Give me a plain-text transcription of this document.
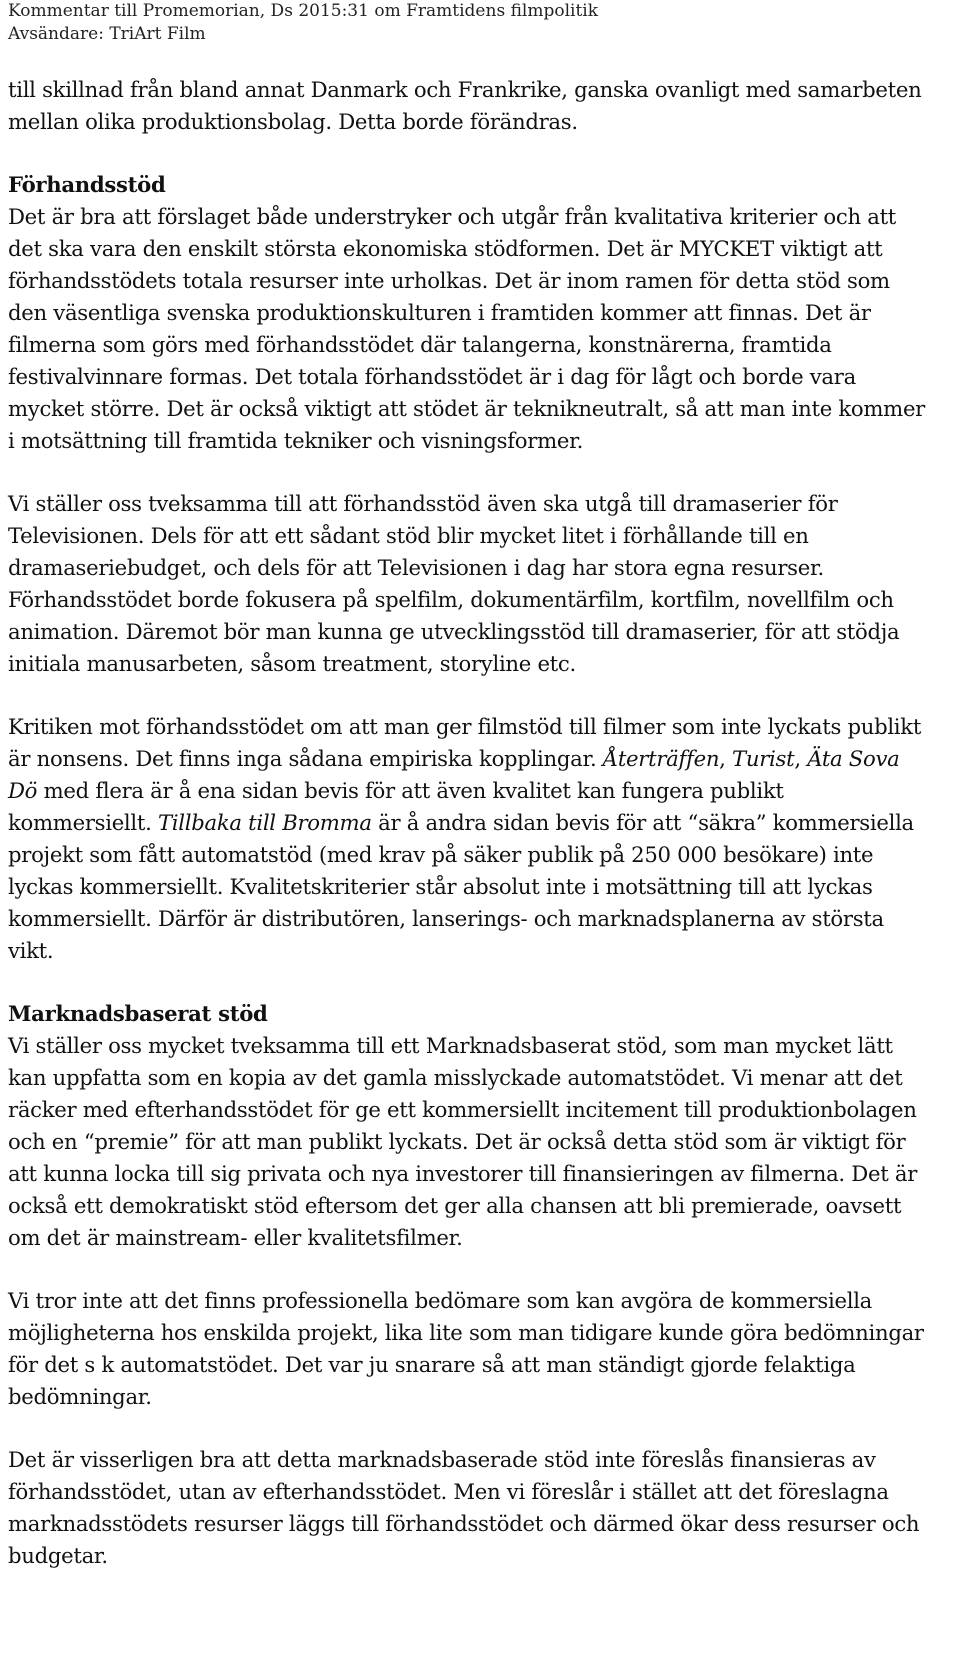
Kommentar till Promemorian, Ds 2015:31 om Framtidens filmpolitik
Avsändare: TriArt Film

till skillnad från bland annat Danmark och Frankrike, ganska ovanligt med samarbeten mellan olika produktionsbolag. Detta borde förändras.

Förhandsstöd
Det är bra att förslaget både understryker och utgår från kvalitativa kriterier och att det ska vara den enskilt största ekonomiska stödformen. Det är MYCKET viktigt att förhandsstödets totala resurser inte urholkas. Det är inom ramen för detta stöd som den väsentliga svenska produktionskulturen i framtiden kommer att finnas. Det är filmerna som görs med förhandsstödet där talangerna, konstnärerna, framtida festivalvinnare formas. Det totala förhandsstödet är i dag för lågt och borde vara mycket större. Det är också viktigt att stödet är teknikneutralt, så att man inte kommer i motsättning till framtida tekniker och visningsformer.

Vi ställer oss tveksamma till att förhandsstöd även ska utgå till dramaserier för Televisionen. Dels för att ett sådant stöd blir mycket litet i förhållande till en dramaseriebudget, och dels för att Televisionen i dag har stora egna resurser. Förhandsstödet borde fokusera på spelfilm, dokumentärfilm, kortfilm, novellfilm och animation. Däremot bör man kunna ge utvecklingsstöd till dramaserier, för att stödja initiala manusarbeten, såsom treatment, storyline etc.

Kritiken mot förhandsstödet om att man ger filmstöd till filmer som inte lyckats publikt är nonsens. Det finns inga sådana empiriska kopplingar. Återträffen, Turist, Äta Sova Dö med flera är å ena sidan bevis för att även kvalitet kan fungera publikt kommersiellt. Tillbaka till Bromma är å andra sidan bevis för att “säkra” kommersiella projekt som fått automatstöd (med krav på säker publik på 250 000 besökare) inte lyckas kommersiellt. Kvalitetskriterier står absolut inte i motsättning till att lyckas kommersiellt. Därför är distributören, lanserings- och marknadsplanerna av största vikt.

Marknadsbaserat stöd
Vi ställer oss mycket tveksamma till ett Marknadsbaserat stöd, som man mycket lätt kan uppfatta som en kopia av det gamla misslyckade automatstödet. Vi menar att det räcker med efterhandsstödet för ge ett kommersiellt incitement till produktionbolagen och en “premie” för att man publikt lyckats. Det är också detta stöd som är viktigt för att kunna locka till sig privata och nya investorer till finansieringen av filmerna. Det är också ett demokratiskt stöd eftersom det ger alla chansen att bli premierade, oavsett om det är mainstream- eller kvalitetsfilmer.

Vi tror inte att det finns professionella bedömare som kan avgöra de kommersiella möjligheterna hos enskilda projekt, lika lite som man tidigare kunde göra bedömningar för det s k automatstödet. Det var ju snarare så att man ständigt gjorde felaktiga bedömningar.

Det är visserligen bra att detta marknadsbaserade stöd inte föreslås finansieras av förhandsstödet, utan av efterhandsstödet. Men vi föreslår i stället att det föreslagna marknadsstödets resurser läggs till förhandsstödet och därmed ökar dess resurser och budgetar.
